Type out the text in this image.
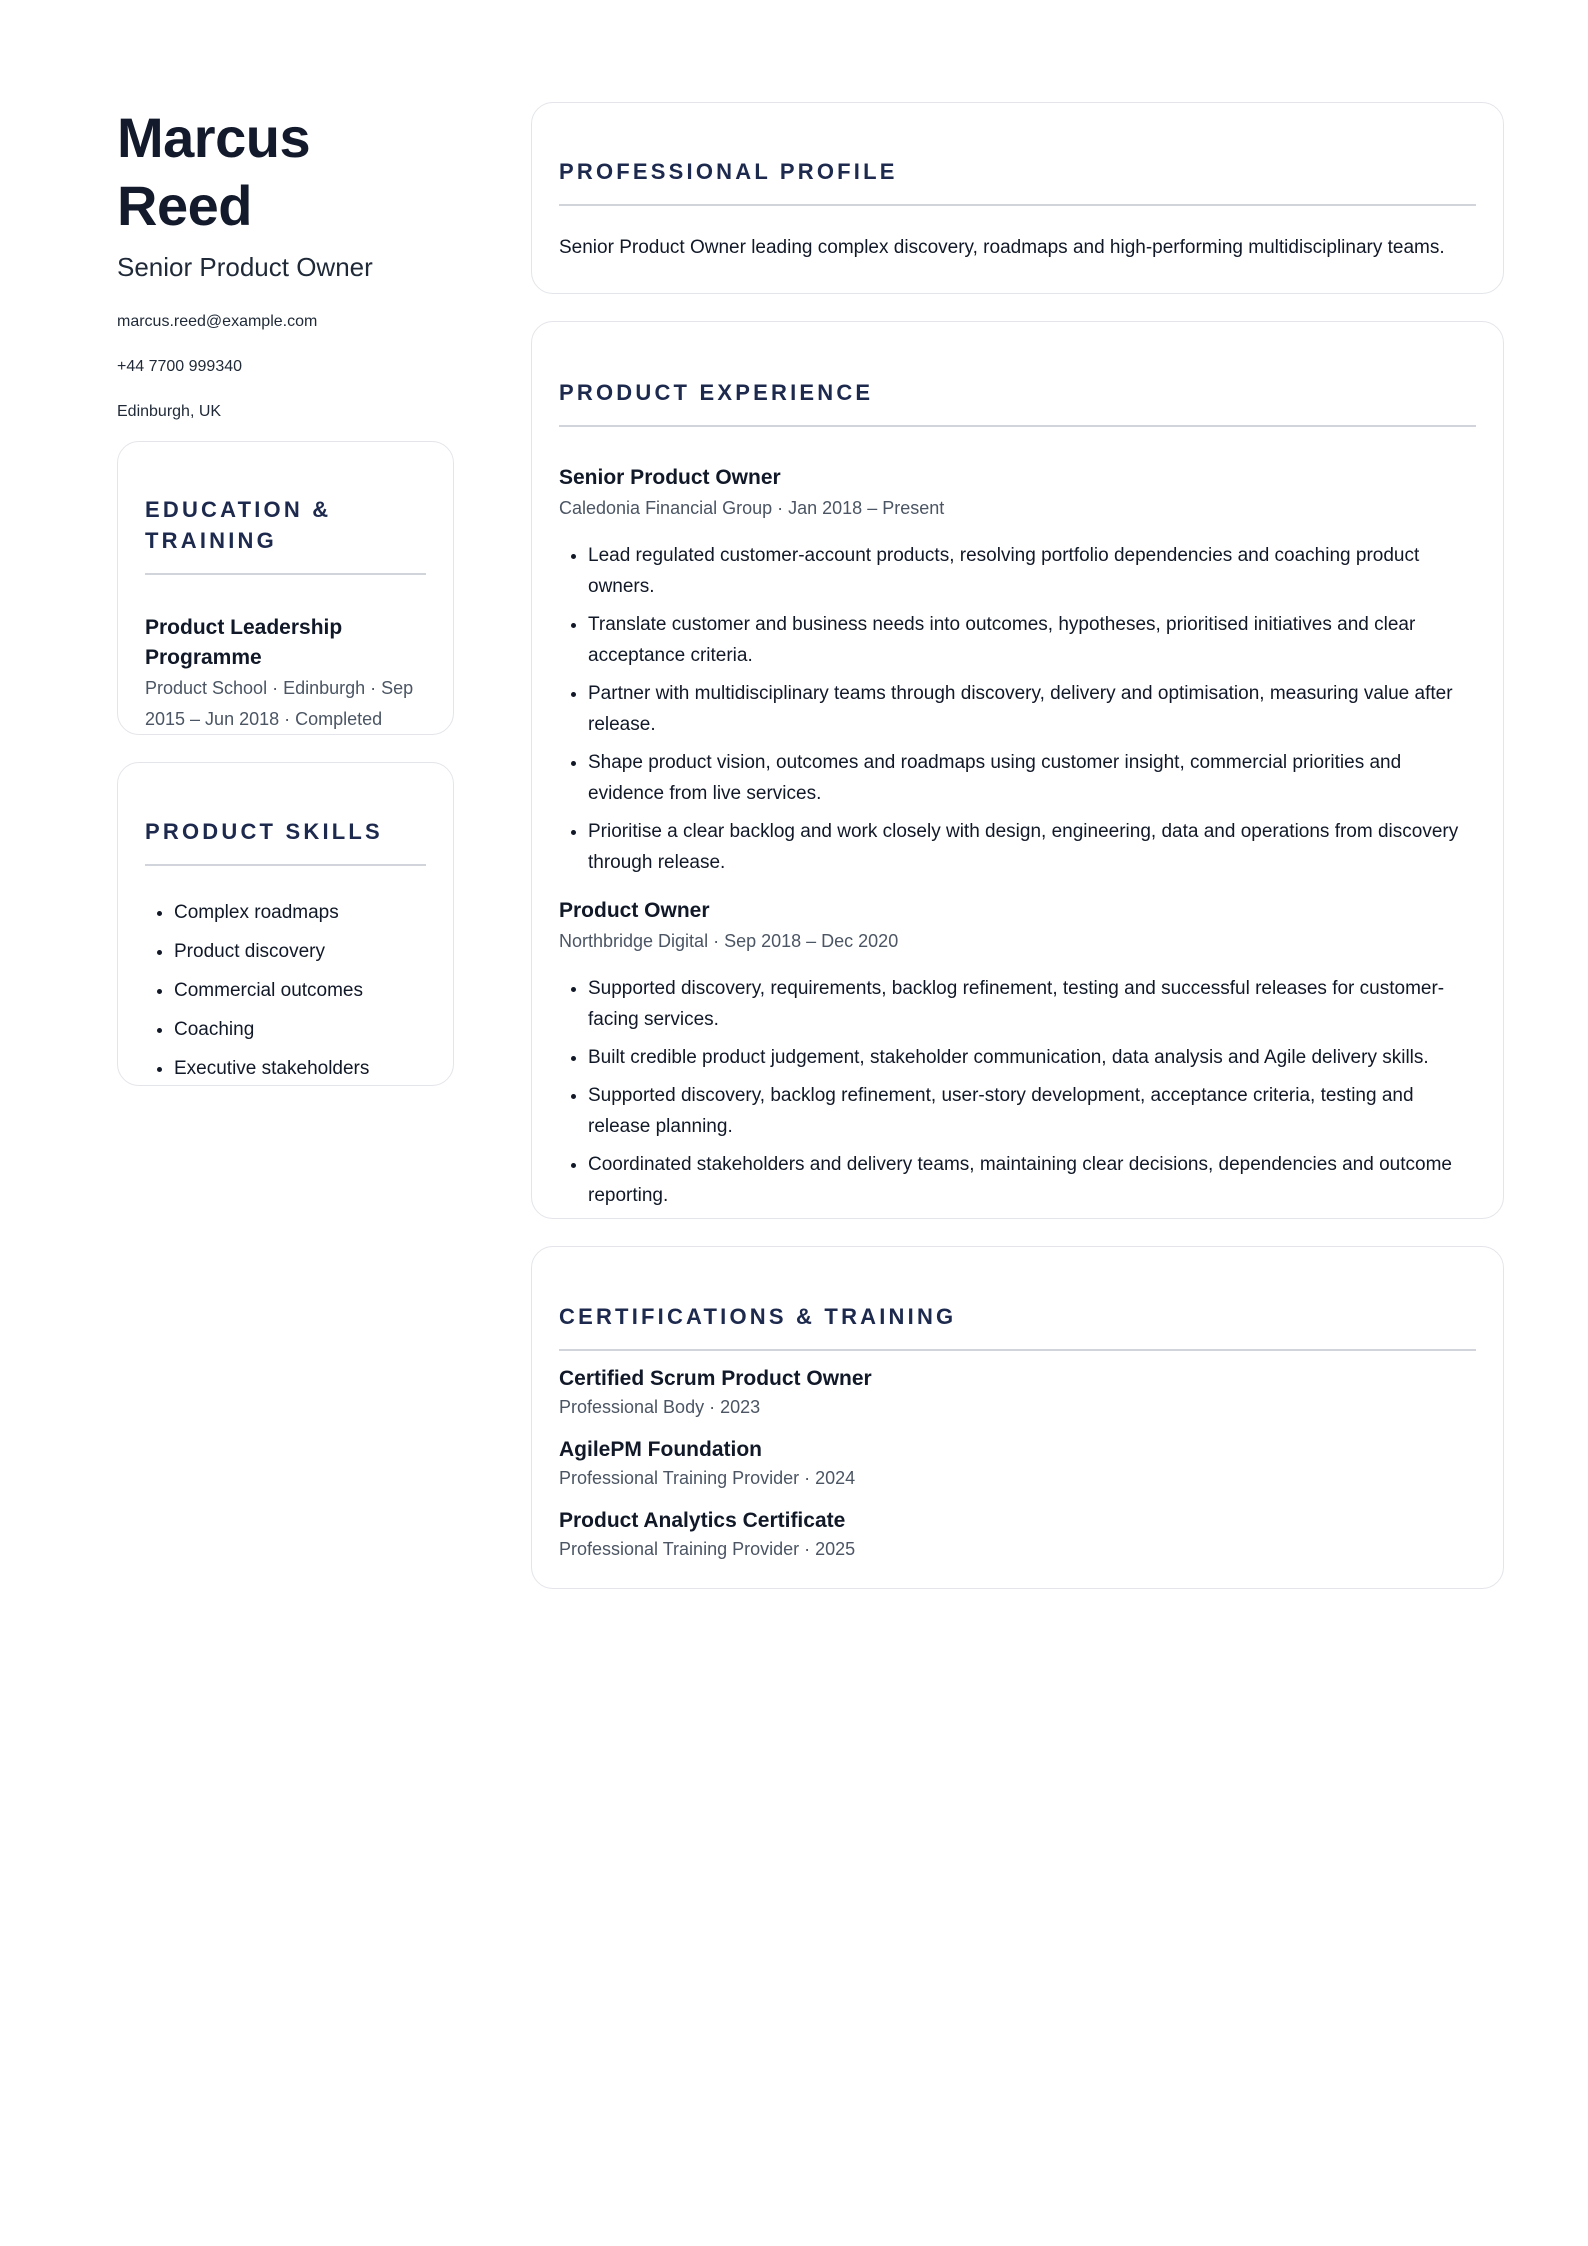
Marcus Reed
Senior Product Owner
marcus.reed@example.com
+44 7700 999340
Edinburgh, UK
EDUCATION & TRAINING
Product Leadership Programme
Product School · Edinburgh · Sep 2015 – Jun 2018 · Completed
PRODUCT SKILLS
• Complex roadmaps
• Product discovery
• Commercial outcomes
• Coaching
• Executive stakeholders
PROFESSIONAL PROFILE

Senior Product Owner leading complex discovery, roadmaps and high-performing multidisciplinary teams.

PRODUCT EXPERIENCE
Senior Product Owner
Caledonia Financial Group · Jan 2018 – Present
• Lead regulated customer-account products, resolving portfolio dependencies and coaching product owners.
• Translate customer and business needs into outcomes, hypotheses, prioritised initiatives and clear acceptance criteria.
• Partner with multidisciplinary teams through discovery, delivery and optimisation, measuring value after release.
• Shape product vision, outcomes and roadmaps using customer insight, commercial priorities and evidence from live services.
• Prioritise a clear backlog and work closely with design, engineering, data and operations from discovery through release.
Product Owner
Northbridge Digital · Sep 2018 – Dec 2020
• Supported discovery, requirements, backlog refinement, testing and successful releases for customer-facing services.
• Built credible product judgement, stakeholder communication, data analysis and Agile delivery skills.
• Supported discovery, backlog refinement, user-story development, acceptance criteria, testing and release planning.
• Coordinated stakeholders and delivery teams, maintaining clear decisions, dependencies and outcome reporting.
CERTIFICATIONS & TRAINING
Certified Scrum Product Owner
Professional Body · 2023
AgilePM Foundation
Professional Training Provider · 2024
Product Analytics Certificate
Professional Training Provider · 2025
